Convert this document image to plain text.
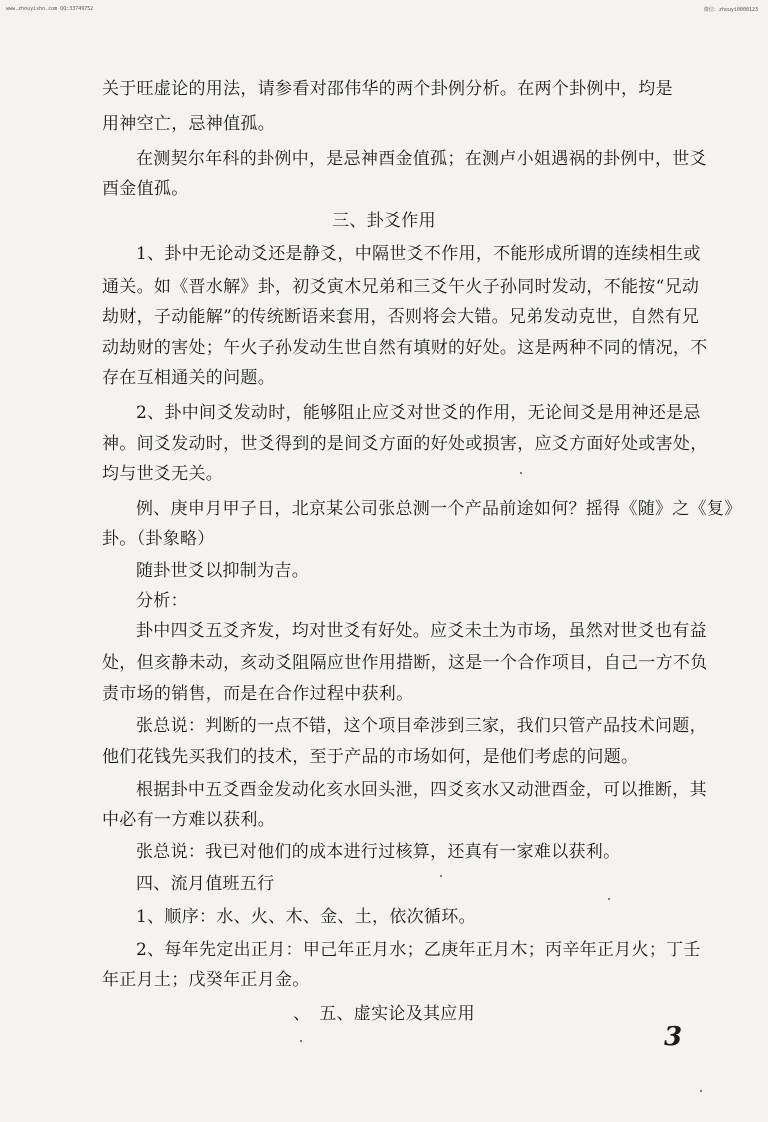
www.zhouyisho.com QQ:33749752	微信：zhouyi0000123
关于旺虚论的用法，请参看对邵伟华的两个卦例分析。在两个卦例中，均是
用神空亡，忌神值孤。
在测契尔年科的卦例中，是忌神酉金值孤；在测卢小姐遇祸的卦例中，世爻
酉金值孤。
三、卦爻作用
1、卦中无论动爻还是静爻，中隔世爻不作用，不能形成所谓的连续相生或
通关。如《晋水解》卦，初爻寅木兄弟和三爻午火子孙同时发动，不能按“兄动
劫财，子动能解”的传统断语来套用，否则将会大错。兄弟发动克世，自然有兄
动劫财的害处；午火子孙发动生世自然有填财的好处。这是两种不同的情况，不
存在互相通关的问题。
2、卦中间爻发动时，能够阻止应爻对世爻的作用，无论间爻是用神还是忌
神。间爻发动时，世爻得到的是间爻方面的好处或损害，应爻方面好处或害处，
均与世爻无关。
例、庚申月甲子日，北京某公司张总测一个产品前途如何？摇得《随》之《复》
卦。（卦象略）
随卦世爻以抑制为吉。
分析：
卦中四爻五爻齐发，均对世爻有好处。应爻未土为市场，虽然对世爻也有益
处，但亥静未动，亥动爻阻隔应世作用措断，这是一个合作项目，自己一方不负
责市场的销售，而是在合作过程中获利。
张总说：判断的一点不错，这个项目牵涉到三家，我们只管产品技术问题，
他们花钱先买我们的技术，至于产品的市场如何，是他们考虑的问题。
根据卦中五爻酉金发动化亥水回头泄，四爻亥水又动泄酉金，可以推断，其
中必有一方难以获利。
张总说：我已对他们的成本进行过核算，还真有一家难以获利。
四、流月值班五行
1、顺序：水、火、木、金、土，依次循环。
2、每年先定出正月：甲己年正月水；乙庚年正月木；丙辛年正月火；丁壬
年正月土；戊癸年正月金。
、　五、虚实论及其应用
3
